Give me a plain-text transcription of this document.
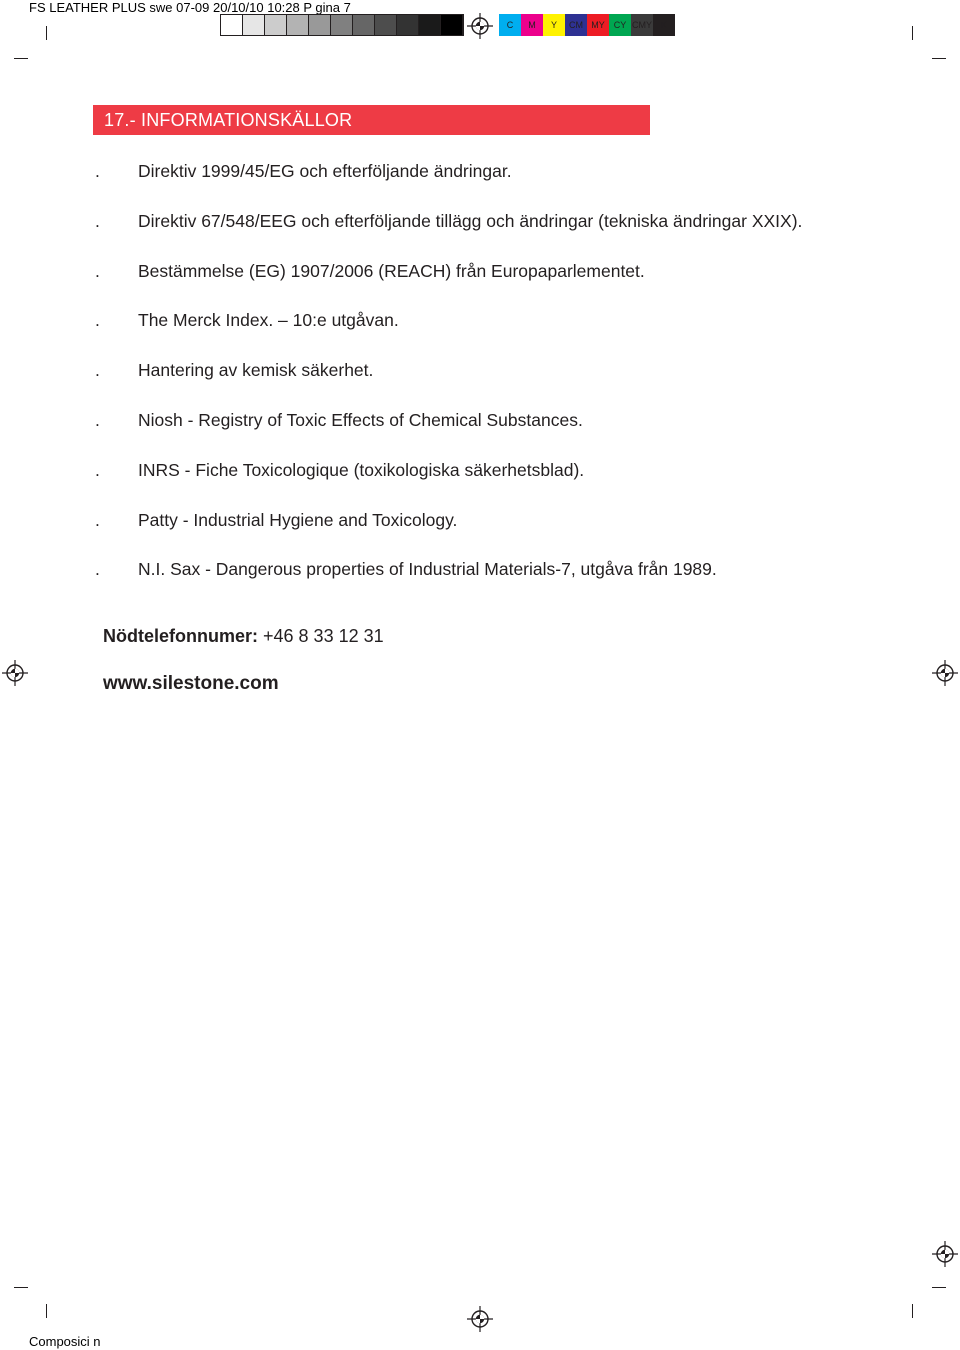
FS LEATHER PLUS swe 07-09 20/10/10 10:28 P gina 7
C	M	Y	CM MY CY CMY K
17.- INFORMATIONSKÄLLOR
.	Direktiv 1999/45/EG och efterföljande ändringar.
.	Direktiv 67/548/EEG och efterföljande tillägg och ändringar (tekniska ändringar XXIX).
.	Bestämmelse (EG) 1907/2006 (REACH) från Europaparlementet.
.	The Merck Index. – 10:e utgåvan.
.	Hantering av kemisk säkerhet.
.	Niosh - Registry of Toxic Effects of Chemical Substances.
.	INRS - Fiche Toxicologique (toxikologiska säkerhetsblad).
.	Patty - Industrial Hygiene and Toxicology.
.	N.I. Sax - Dangerous properties of Industrial Materials-7, utgåva från 1989.
Nödtelefonnumer: +46 8 33 12 31
www.silestone.com
Composici n
